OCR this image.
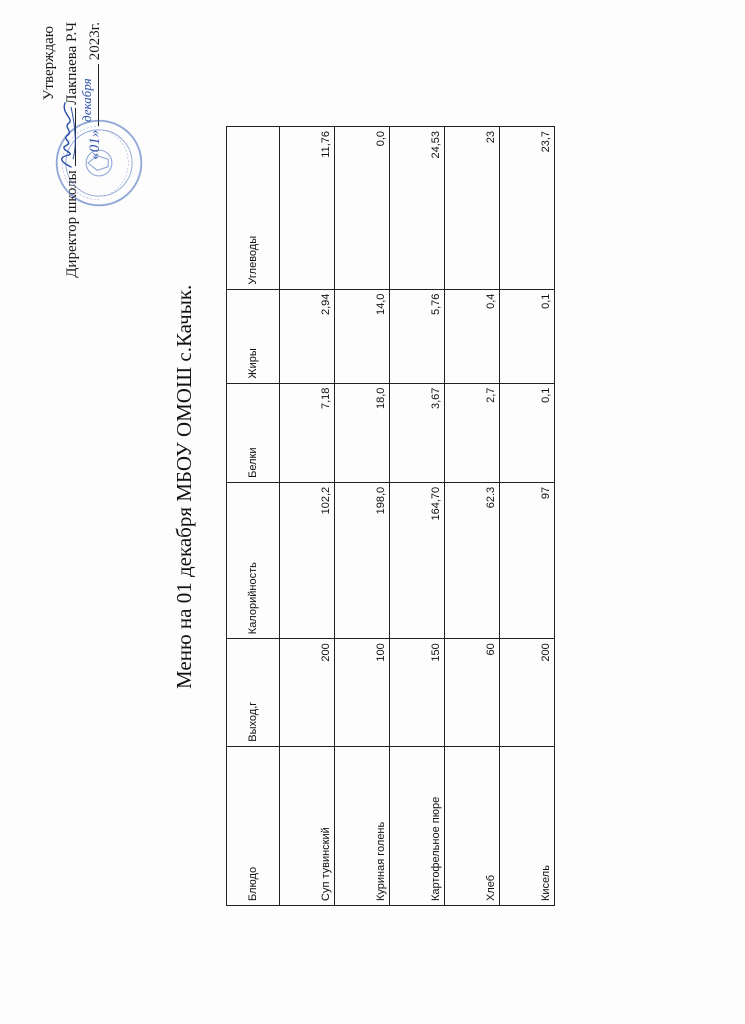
Утверждаю
Директор школы  Лакпаева Р.Ч
«01»
декабря
2023г.
Меню на 01 декабря МБОУ ОМОШ с.Качык.
Блюдо	Выход,г	Калорийность	Белки	Жиры	Углеводы
Суп тувинский	200	102,2	7,18	2,94	11,76
Куриная голень	100	198,0	18,0	14,0	0,0
Картофельное пюре	150	164,70	3,67	5,76	24,53
Хлеб	60	62.3	2,7	0,4	23
Кисель	200	97	0,1	0,1	23,7
